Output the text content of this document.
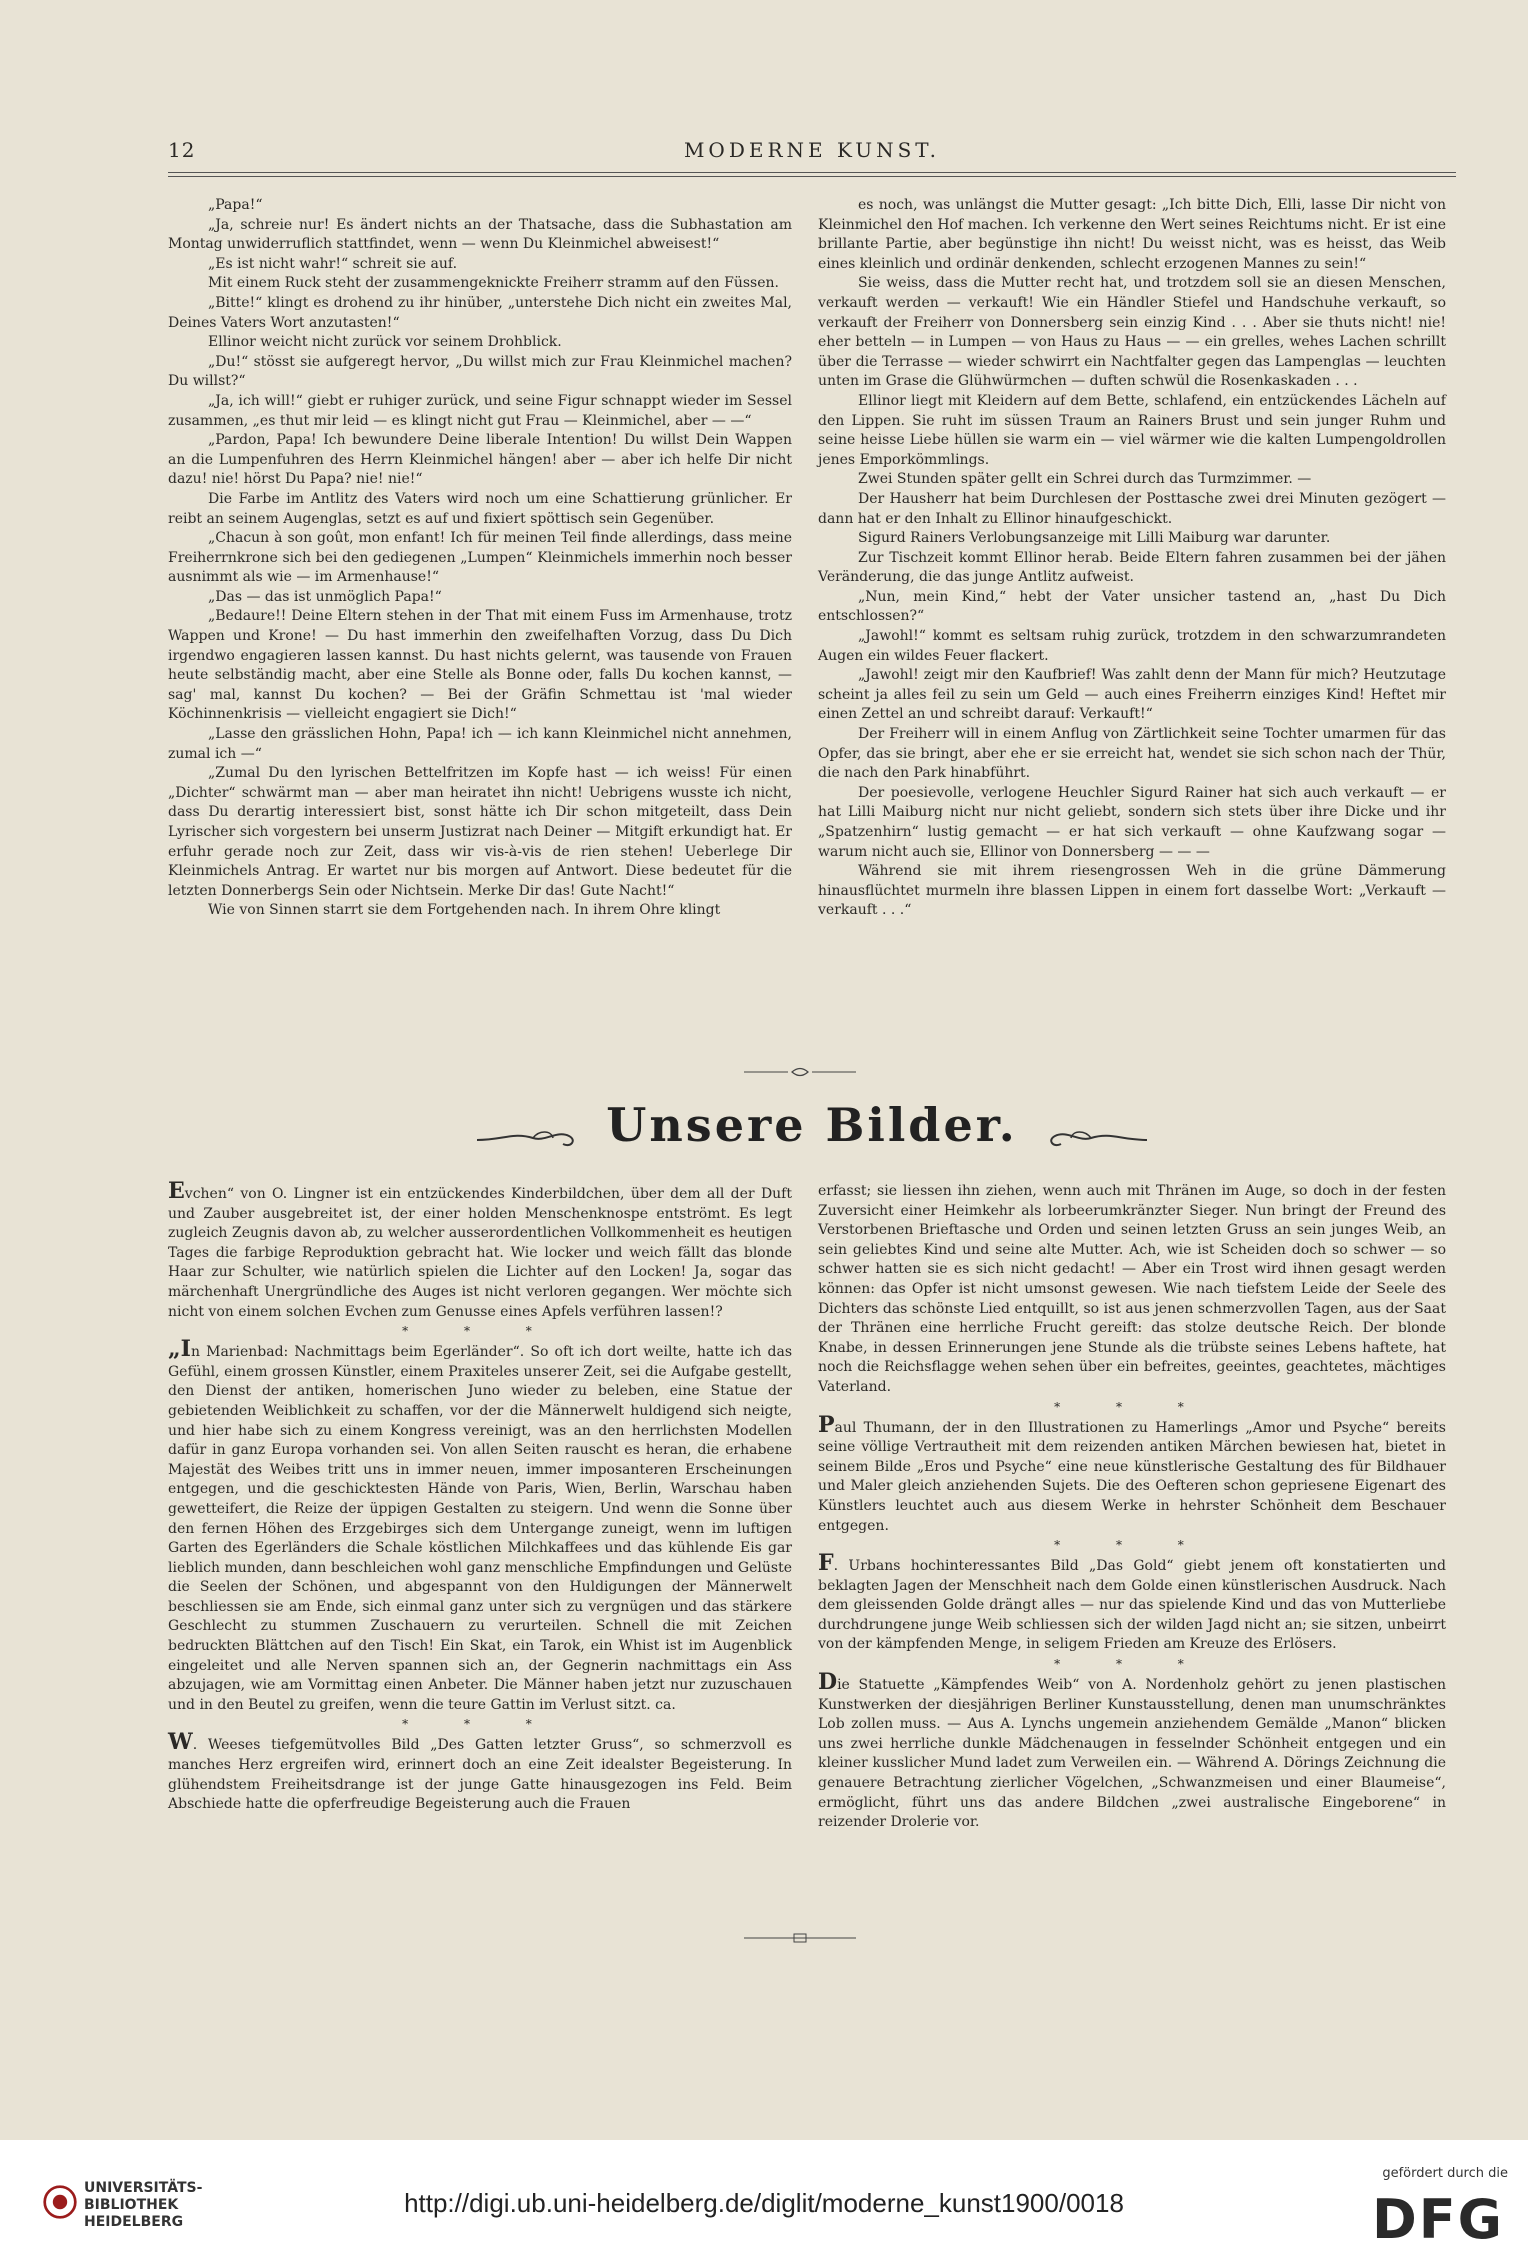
12	MODERNE KUNST.

„Papa!“

„Ja, schreie nur! Es ändert nichts an der Thatsache, dass die Subhastation am Montag unwiderruflich stattfindet, wenn — wenn Du Kleinmichel abweisest!“

„Es ist nicht wahr!“ schreit sie auf.

Mit einem Ruck steht der zusammengeknickte Freiherr stramm auf den Füssen.

„Bitte!“ klingt es drohend zu ihr hinüber, „unterstehe Dich nicht ein zweites Mal, Deines Vaters Wort anzutasten!“

Ellinor weicht nicht zurück vor seinem Drohblick.

„Du!“ stösst sie aufgeregt hervor, „Du willst mich zur Frau Kleinmichel machen? Du willst?“

„Ja, ich will!“ giebt er ruhiger zurück, und seine Figur schnappt wieder im Sessel zusammen, „es thut mir leid — es klingt nicht gut Frau — Kleinmichel, aber — —“

„Pardon, Papa! Ich bewundere Deine liberale Intention! Du willst Dein Wappen an die Lumpenfuhren des Herrn Kleinmichel hängen! aber — aber ich helfe Dir nicht dazu! nie! hörst Du Papa? nie! nie!“

Die Farbe im Antlitz des Vaters wird noch um eine Schattierung grünlicher. Er reibt an seinem Augenglas, setzt es auf und fixiert spöttisch sein Gegenüber.

„Chacun à son goût, mon enfant! Ich für meinen Teil finde allerdings, dass meine Freiherrnkrone sich bei den gediegenen „Lumpen“ Kleinmichels immerhin noch besser ausnimmt als wie — im Armenhause!“

„Das — das ist unmöglich Papa!“

„Bedaure!! Deine Eltern stehen in der That mit einem Fuss im Armenhause, trotz Wappen und Krone! — Du hast immerhin den zweifelhaften Vorzug, dass Du Dich irgendwo engagieren lassen kannst. Du hast nichts gelernt, was tausende von Frauen heute selbständig macht, aber eine Stelle als Bonne oder, falls Du kochen kannst, — sag' mal, kannst Du kochen? — Bei der Gräfin Schmettau ist 'mal wieder Köchinnenkrisis — vielleicht engagiert sie Dich!“

„Lasse den grässlichen Hohn, Papa! ich — ich kann Kleinmichel nicht annehmen, zumal ich —“

„Zumal Du den lyrischen Bettelfritzen im Kopfe hast — ich weiss! Für einen „Dichter“ schwärmt man — aber man heiratet ihn nicht! Uebrigens wusste ich nicht, dass Du derartig interessiert bist, sonst hätte ich Dir schon mitgeteilt, dass Dein Lyrischer sich vorgestern bei unserm Justizrat nach Deiner — Mitgift erkundigt hat. Er erfuhr gerade noch zur Zeit, dass wir vis-à-vis de rien stehen! Ueberlege Dir Kleinmichels Antrag. Er wartet nur bis morgen auf Antwort. Diese bedeutet für die letzten Donnerbergs Sein oder Nichtsein. Merke Dir das! Gute Nacht!“

Wie von Sinnen starrt sie dem Fortgehenden nach. In ihrem Ohre klingt

es noch, was unlängst die Mutter gesagt: „Ich bitte Dich, Elli, lasse Dir nicht von Kleinmichel den Hof machen. Ich verkenne den Wert seines Reichtums nicht. Er ist eine brillante Partie, aber begünstige ihn nicht! Du weisst nicht, was es heisst, das Weib eines kleinlich und ordinär denkenden, schlecht erzogenen Mannes zu sein!“

Sie weiss, dass die Mutter recht hat, und trotzdem soll sie an diesen Menschen, verkauft werden — verkauft! Wie ein Händler Stiefel und Handschuhe verkauft, so verkauft der Freiherr von Donnersberg sein einzig Kind . . . Aber sie thuts nicht! nie! eher betteln — in Lumpen — von Haus zu Haus — — ein grelles, wehes Lachen schrillt über die Terrasse — wieder schwirrt ein Nachtfalter gegen das Lampenglas — leuchten unten im Grase die Glühwürmchen — duften schwül die Rosenkaskaden . . .

Ellinor liegt mit Kleidern auf dem Bette, schlafend, ein entzückendes Lächeln auf den Lippen. Sie ruht im süssen Traum an Rainers Brust und sein junger Ruhm und seine heisse Liebe hüllen sie warm ein — viel wärmer wie die kalten Lumpengoldrollen jenes Emporkömmlings.

Zwei Stunden später gellt ein Schrei durch das Turmzimmer. —

Der Hausherr hat beim Durchlesen der Posttasche zwei drei Minuten gezögert — dann hat er den Inhalt zu Ellinor hinaufgeschickt.

Sigurd Rainers Verlobungsanzeige mit Lilli Maiburg war darunter.

Zur Tischzeit kommt Ellinor herab. Beide Eltern fahren zusammen bei der jähen Veränderung, die das junge Antlitz aufweist.

„Nun, mein Kind,“ hebt der Vater unsicher tastend an, „hast Du Dich entschlossen?“

„Jawohl!“ kommt es seltsam ruhig zurück, trotzdem in den schwarzumrandeten Augen ein wildes Feuer flackert.

„Jawohl! zeigt mir den Kaufbrief! Was zahlt denn der Mann für mich? Heutzutage scheint ja alles feil zu sein um Geld — auch eines Freiherrn einziges Kind! Heftet mir einen Zettel an und schreibt darauf: Verkauft!“

Der Freiherr will in einem Anflug von Zärtlichkeit seine Tochter umarmen für das Opfer, das sie bringt, aber ehe er sie erreicht hat, wendet sie sich schon nach der Thür, die nach den Park hinabführt.

Der poesievolle, verlogene Heuchler Sigurd Rainer hat sich auch verkauft — er hat Lilli Maiburg nicht nur nicht geliebt, sondern sich stets über ihre Dicke und ihr „Spatzenhirn“ lustig gemacht — er hat sich verkauft — ohne Kaufzwang sogar — warum nicht auch sie, Ellinor von Donnersberg — — —

Während sie mit ihrem riesengrossen Weh in die grüne Dämmerung hinausflüchtet murmeln ihre blassen Lippen in einem fort dasselbe Wort: „Verkauft — verkauft . . .“

Unsere Bilder.

Evchen“ von O. Lingner ist ein entzückendes Kinderbildchen, über dem all der Duft und Zauber ausgebreitet ist, der einer holden Menschenknospe entströmt. Es legt zugleich Zeugnis davon ab, zu welcher ausserordentlichen Vollkommenheit es heutigen Tages die farbige Reproduktion gebracht hat. Wie locker und weich fällt das blonde Haar zur Schulter, wie natürlich spielen die Lichter auf den Locken! Ja, sogar das märchenhaft Unergründliche des Auges ist nicht verloren gegangen. Wer möchte sich nicht von einem solchen Evchen zum Genusse eines Apfels verführen lassen!?

* * *

„In Marienbad: Nachmittags beim Egerländer“. So oft ich dort weilte, hatte ich das Gefühl, einem grossen Künstler, einem Praxiteles unserer Zeit, sei die Aufgabe gestellt, den Dienst der antiken, homerischen Juno wieder zu beleben, eine Statue der gebietenden Weiblichkeit zu schaffen, vor der die Männerwelt huldigend sich neigte, und hier habe sich zu einem Kongress vereinigt, was an den herrlichsten Modellen dafür in ganz Europa vorhanden sei. Von allen Seiten rauscht es heran, die erhabene Majestät des Weibes tritt uns in immer neuen, immer imposanteren Erscheinungen entgegen, und die geschicktesten Hände von Paris, Wien, Berlin, Warschau haben gewetteifert, die Reize der üppigen Gestalten zu steigern. Und wenn die Sonne über den fernen Höhen des Erzgebirges sich dem Untergange zuneigt, wenn im luftigen Garten des Egerländers die Schale köstlichen Milchkaffees und das kühlende Eis gar lieblich munden, dann beschleichen wohl ganz menschliche Empfindungen und Gelüste die Seelen der Schönen, und abgespannt von den Huldigungen der Männerwelt beschliessen sie am Ende, sich einmal ganz unter sich zu vergnügen und das stärkere Geschlecht zu stummen Zuschauern zu verurteilen. Schnell die mit Zeichen bedruckten Blättchen auf den Tisch! Ein Skat, ein Tarok, ein Whist ist im Augenblick eingeleitet und alle Nerven spannen sich an, der Gegnerin nachmittags ein Ass abzujagen, wie am Vormittag einen Anbeter. Die Männer haben jetzt nur zuzuschauen und in den Beutel zu greifen, wenn die teure Gattin im Verlust sitzt. ca.

* * *

W. Weeses tiefgemütvolles Bild „Des Gatten letzter Gruss“, so schmerzvoll es manches Herz ergreifen wird, erinnert doch an eine Zeit idealster Begeisterung. In glühendstem Freiheitsdrange ist der junge Gatte hinausgezogen ins Feld. Beim Abschiede hatte die opferfreudige Begeisterung auch die Frauen

erfasst; sie liessen ihn ziehen, wenn auch mit Thränen im Auge, so doch in der festen Zuversicht einer Heimkehr als lorbeerumkränzter Sieger. Nun bringt der Freund des Verstorbenen Brieftasche und Orden und seinen letzten Gruss an sein junges Weib, an sein geliebtes Kind und seine alte Mutter. Ach, wie ist Scheiden doch so schwer — so schwer hatten sie es sich nicht gedacht! — Aber ein Trost wird ihnen gesagt werden können: das Opfer ist nicht umsonst gewesen. Wie nach tiefstem Leide der Seele des Dichters das schönste Lied entquillt, so ist aus jenen schmerzvollen Tagen, aus der Saat der Thränen eine herrliche Frucht gereift: das stolze deutsche Reich. Der blonde Knabe, in dessen Erinnerungen jene Stunde als die trübste seines Lebens haftete, hat noch die Reichsflagge wehen sehen über ein befreites, geeintes, geachtetes, mächtiges Vaterland.

* * *

Paul Thumann, der in den Illustrationen zu Hamerlings „Amor und Psyche“ bereits seine völlige Vertrautheit mit dem reizenden antiken Märchen bewiesen hat, bietet in seinem Bilde „Eros und Psyche“ eine neue künstlerische Gestaltung des für Bildhauer und Maler gleich anziehenden Sujets. Die des Oefteren schon gepriesene Eigenart des Künstlers leuchtet auch aus diesem Werke in hehrster Schönheit dem Beschauer entgegen.

* * *

F. Urbans hochinteressantes Bild „Das Gold“ giebt jenem oft konstatierten und beklagten Jagen der Menschheit nach dem Golde einen künstlerischen Ausdruck. Nach dem gleissenden Golde drängt alles — nur das spielende Kind und das von Mutterliebe durchdrungene junge Weib schliessen sich der wilden Jagd nicht an; sie sitzen, unbeirrt von der kämpfenden Menge, in seligem Frieden am Kreuze des Erlösers.

* * *

Die Statuette „Kämpfendes Weib“ von A. Nordenholz gehört zu jenen plastischen Kunstwerken der diesjährigen Berliner Kunstausstellung, denen man unumschränktes Lob zollen muss. — Aus A. Lynchs ungemein anziehendem Gemälde „Manon“ blicken uns zwei herrliche dunkle Mädchenaugen in fesselnder Schönheit entgegen und ein kleiner kusslicher Mund ladet zum Verweilen ein. — Während A. Dörings Zeichnung die genauere Betrachtung zierlicher Vögelchen, „Schwanzmeisen und einer Blaumeise“, ermöglicht, führt uns das andere Bildchen „zwei australische Eingeborene“ in reizender Drolerie vor.

UNIVERSITÄTS-
BIBLIOTHEK
HEIDELBERG
http://digi.ub.uni-heidelberg.de/diglit/moderne_kunst1900/0018
gefördert durch die
DFG
